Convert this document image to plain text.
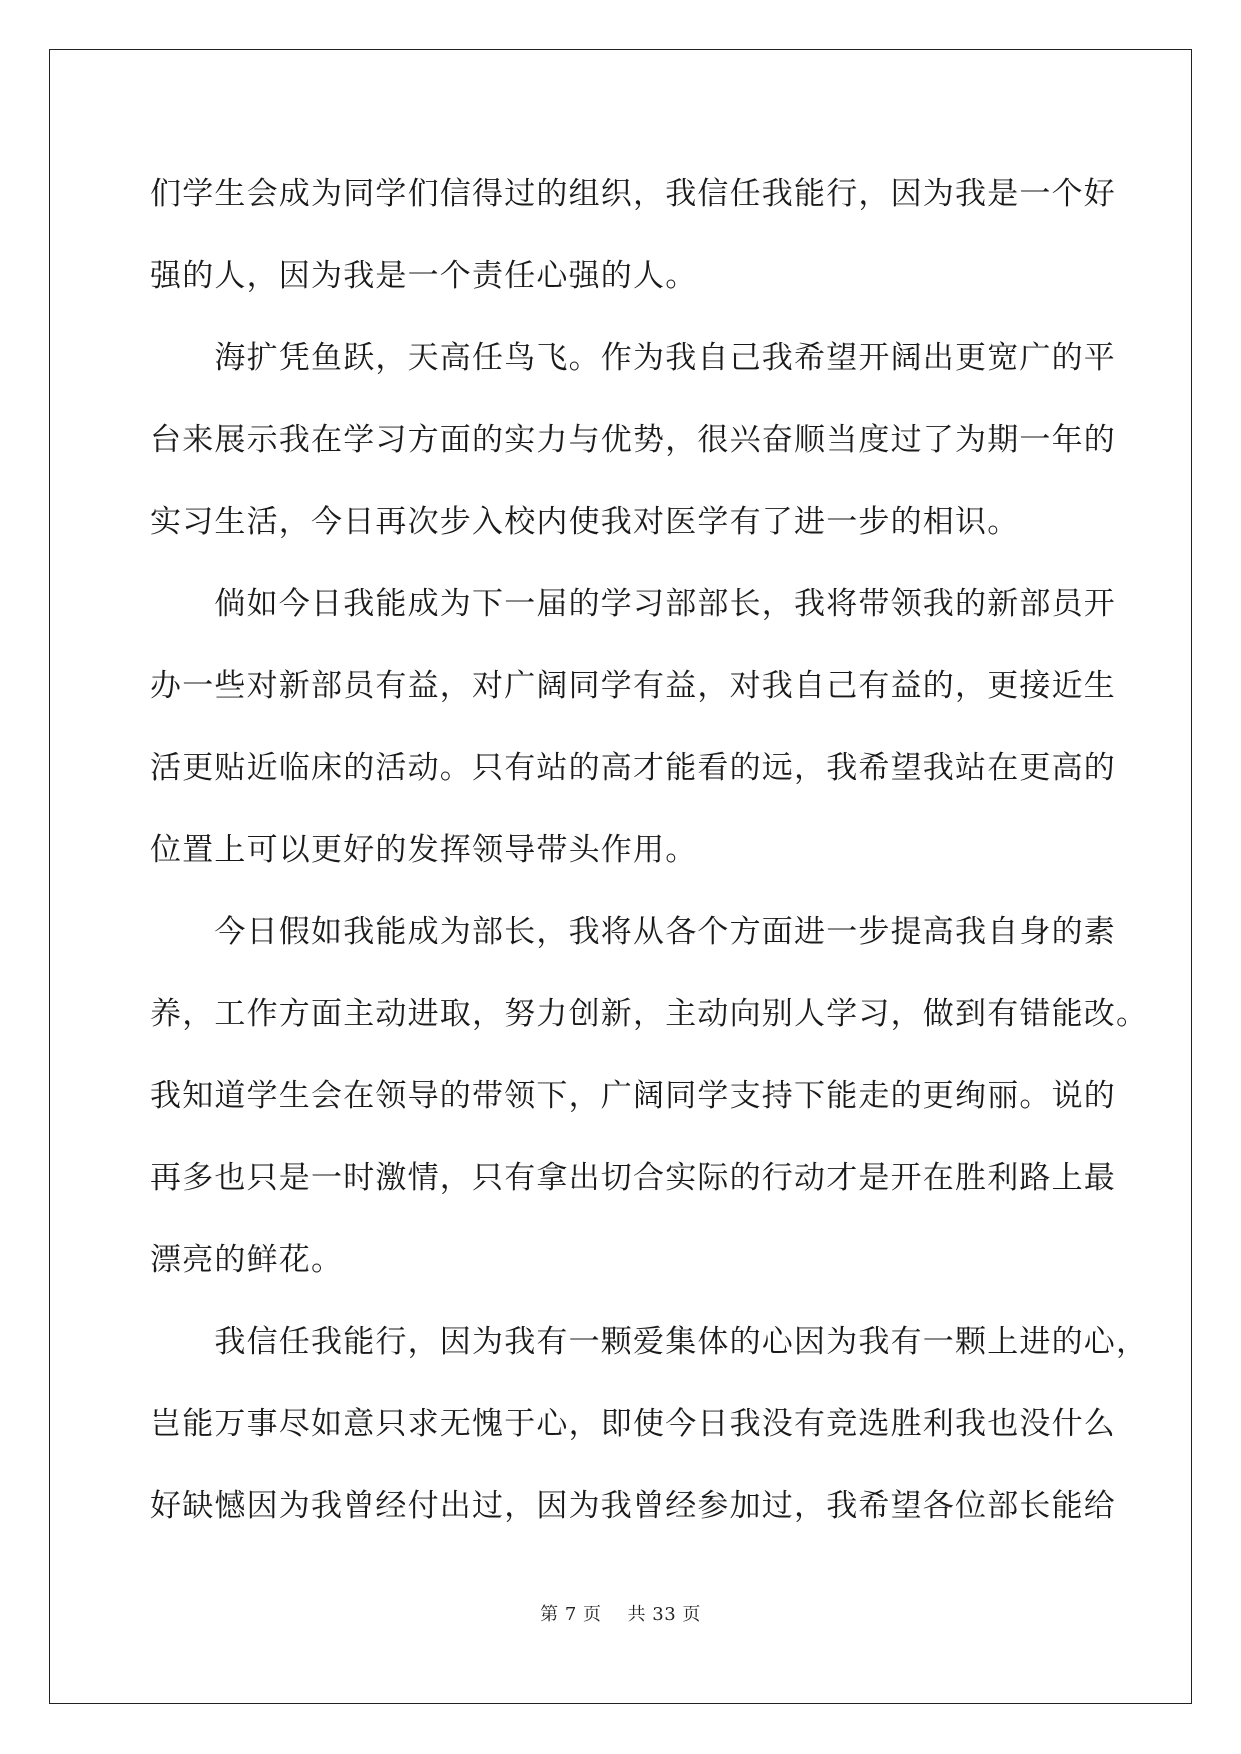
们学生会成为同学们信得过的组织，我信任我能行，因为我是一个好
强的人，因为我是一个责任心强的人。
　　海扩凭鱼跃，天高任鸟飞。作为我自己我希望开阔出更宽广的平
台来展示我在学习方面的实力与优势，很兴奋顺当度过了为期一年的
实习生活，今日再次步入校内使我对医学有了进一步的相识。
　　倘如今日我能成为下一届的学习部部长，我将带领我的新部员开
办一些对新部员有益，对广阔同学有益，对我自己有益的，更接近生
活更贴近临床的活动。只有站的高才能看的远，我希望我站在更高的
位置上可以更好的发挥领导带头作用。
　　今日假如我能成为部长，我将从各个方面进一步提高我自身的素
养，工作方面主动进取，努力创新，主动向别人学习，做到有错能改。
我知道学生会在领导的带领下，广阔同学支持下能走的更绚丽。说的
再多也只是一时激情，只有拿出切合实际的行动才是开在胜利路上最
漂亮的鲜花。
　　我信任我能行，因为我有一颗爱集体的心因为我有一颗上进的心，
岂能万事尽如意只求无愧于心，即使今日我没有竞选胜利我也没什么
好缺憾因为我曾经付出过，因为我曾经参加过，我希望各位部长能给
第 7 页 共 33 页
